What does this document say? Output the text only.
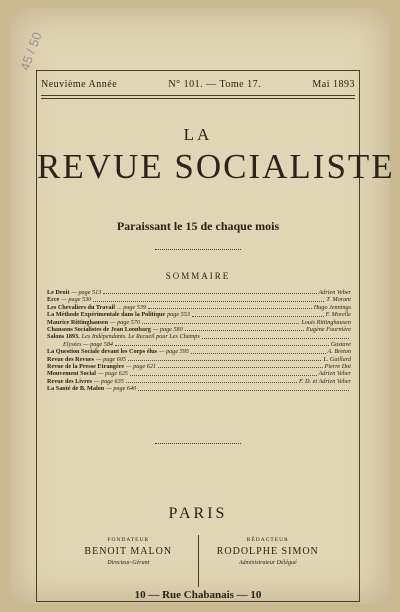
45 / 50
Neuvième Année	N° 101. — Tome 17.	Mai 1893
LA
REVUE SOCIALISTE
Paraissant le 15 de chaque mois
SOMMAIRE
Le Droit — page 513	Adrien Veber
Ecce — page 530	T. Morant
Les Chevaliers du Travail ... page 539	Hugo Jennings
La Méthode Expérimentale dans la Politique page 553	F. Morelle
Maurice Rittinghausen — page 570	Louis Rittinghausen
Chansons Socialistes de Jean Loonbarg — page 580	Eugène Fournière
Salons 1893. Les Indépendants. Le Recueil pour Les Champs
Elysées — page 584	Gustave
La Question Sociale devant les Corps élus — page 595	A. Breton
Revue des Revues — page 605	L. Gaillard
Revue de la Presse Etrangère — page 621	Pierre Dot
Mouvement Social — page 625	Adrien Veber
Revue des Livres — page 635	F. D. et Adrien Veber
La Santé de B. Malon — page 640
PARIS
FONDATEUR
BENOIT MALON
Directeur-Gérant
RÉDACTEUR
RODOLPHE SIMON
Administrateur Délégué
10 — Rue Chabanais — 10
